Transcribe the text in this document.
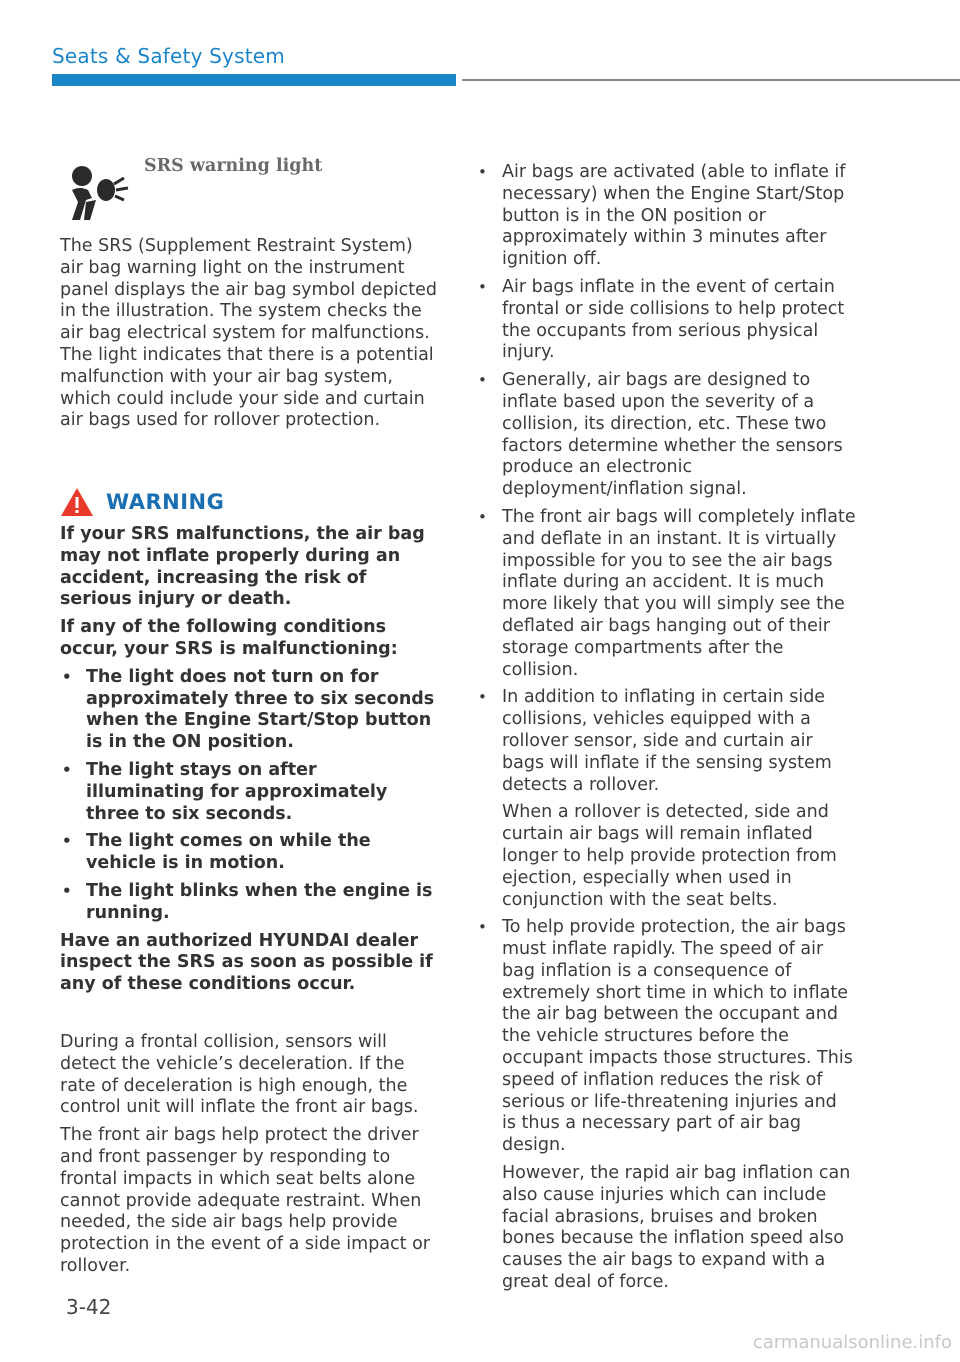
Seats & Safety System
SRS warning light

The SRS (Supplement Restraint System) air bag warning light on the instrument panel displays the air bag symbol depicted in the illustration. The system checks the air bag electrical system for malfunctions. The light indicates that there is a potential malfunction with your air bag system, which could include your side and curtain air bags used for rollover protection.

WARNING

If your SRS malfunctions, the air bag may not inflate properly during an accident, increasing the risk of serious injury or death.

If any of the following conditions occur, your SRS is malfunctioning:

• The light does not turn on for approximately three to six seconds when the Engine Start/Stop button is in the ON position.
• The light stays on after illuminating for approximately three to six seconds.
• The light comes on while the vehicle is in motion.
• The light blinks when the engine is running.

Have an authorized HYUNDAI dealer inspect the SRS as soon as possible if any of these conditions occur.

During a frontal collision, sensors will detect the vehicle’s deceleration. If the rate of deceleration is high enough, the control unit will inflate the front air bags.

The front air bags help protect the driver and front passenger by responding to frontal impacts in which seat belts alone cannot provide adequate restraint. When needed, the side air bags help provide protection in the event of a side impact or rollover.

• Air bags are activated (able to inflate if necessary) when the Engine Start/Stop button is in the ON position or approximately within 3 minutes after ignition off.
• Air bags inflate in the event of certain frontal or side collisions to help protect the occupants from serious physical injury.
• Generally, air bags are designed to inflate based upon the severity of a collision, its direction, etc. These two factors determine whether the sensors produce an electronic deployment/inflation signal.
• The front air bags will completely inflate and deflate in an instant. It is virtually impossible for you to see the air bags inflate during an accident. It is much more likely that you will simply see the deflated air bags hanging out of their storage compartments after the collision.
• In addition to inflating in certain side collisions, vehicles equipped with a rollover sensor, side and curtain air bags will inflate if the sensing system detects a rollover.

When a rollover is detected, side and curtain air bags will remain inflated longer to help provide protection from ejection, especially when used in conjunction with the seat belts.

• To help provide protection, the air bags must inflate rapidly. The speed of air bag inflation is a consequence of extremely short time in which to inflate the air bag between the occupant and the vehicle structures before the occupant impacts those structures. This speed of inflation reduces the risk of serious or life-threatening injuries and is thus a necessary part of air bag design.

However, the rapid air bag inflation can also cause injuries which can include facial abrasions, bruises and broken bones because the inflation speed also causes the air bags to expand with a great deal of force.

3-42
carmanualsonline.info
